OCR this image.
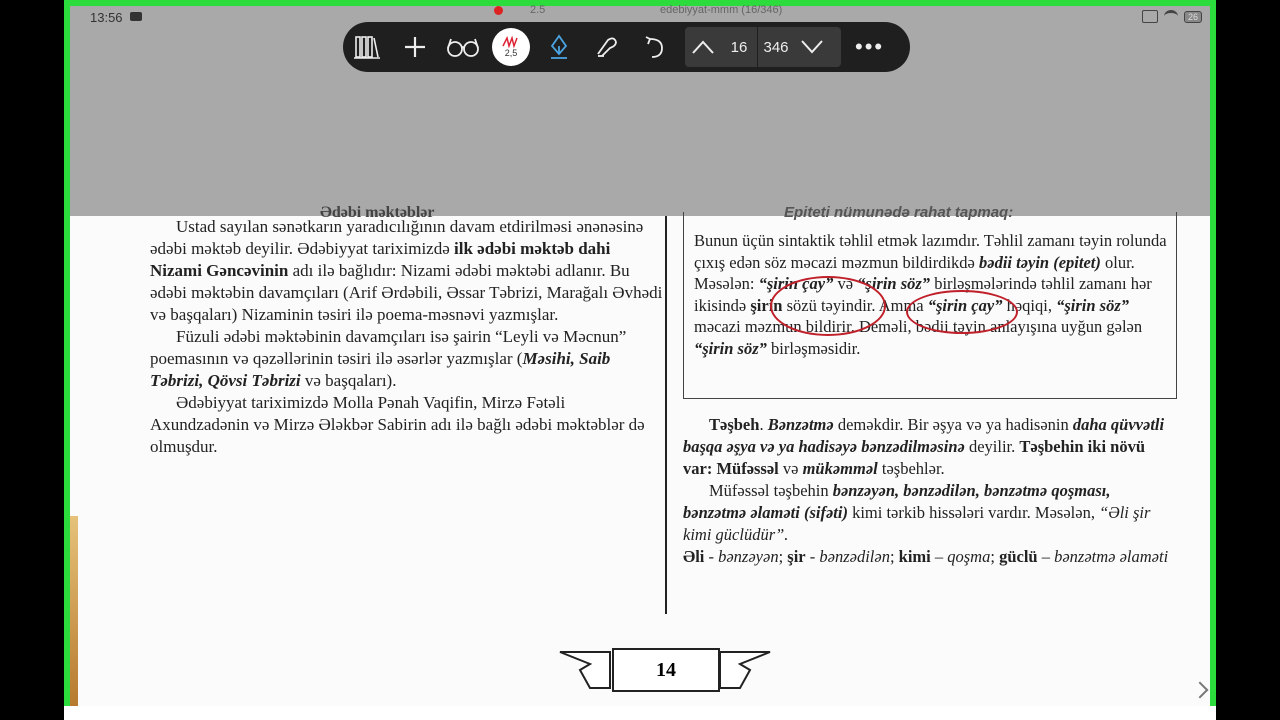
13:56	2.5	edebiyyat-mmm (16/346)
26
2,5	16	346	•••
Ədəbi məktəblər

Ustad sayılan sənətkarın yaradıcılığının davam etdirilməsi ənənəsinə ədəbi məktəb deyilir. Ədəbiyyat tariximizdə ilk ədəbi məktəb dahi Nizami Gəncəvinin adı ilə bağlıdır: Nizami ədəbi məktəbi adlanır. Bu ədəbi məktəbin davamçıları (Arif Ərdəbili, Əssar Təbrizi, Marağalı Əvhədi və başqaları) Nizaminin təsiri ilə poema-məsnəvi yazmışlar.

Füzuli ədəbi məktəbinin davamçıları isə şairin “Leyli və Məcnun” poemasının və qəzəllərinin təsiri ilə əsərlər yazmışlar (Məsihi, Saib Təbrizi, Qövsi Təbrizi və başqaları).

Ədəbiyyat tariximizdə Molla Pənah Vaqifin, Mirzə Fətəli Axundzadənin və Mirzə Ələkbər Sabirin adı ilə bağlı ədəbi məktəblər də olmuşdur.

Epiteti nümunədə rahat tapmaq:
Bunun üçün sintaktik təhlil etmək lazımdır. Təhlil zamanı təyin rolunda çıxış edən söz məcazi məzmun bildirdikdə bədii təyin (epitet) olur.
Məsələn: “şirin çay” və “şirin söz” birləşmələrində təhlil zamanı hər ikisində şirin sözü təyindir. Amma “şirin çay” həqiqi, “şirin söz” məcazi məzmun bildirir. Deməli, bədii təyin anlayışına uyğun gələn “şirin söz” birləşməsidir.

Təşbeh. Bənzətmə deməkdir. Bir əşya və ya hadisənin daha qüvvətli başqa əşya və ya hadisəyə bənzədilməsinə deyilir. Təşbehin iki növü var: Müfəssəl və mükəmməl təşbehlər.

Müfəssəl təşbehin bənzəyən, bənzədilən, bənzətmə qoşması, bənzətmə əlaməti (sifəti) kimi tərkib hissələri vardır. Məsələn, “Əli şir kimi güclüdür”.

Əli - bənzəyən; şir - bənzədilən; kimi – qoşma; güclü – bənzətmə əlaməti

14
